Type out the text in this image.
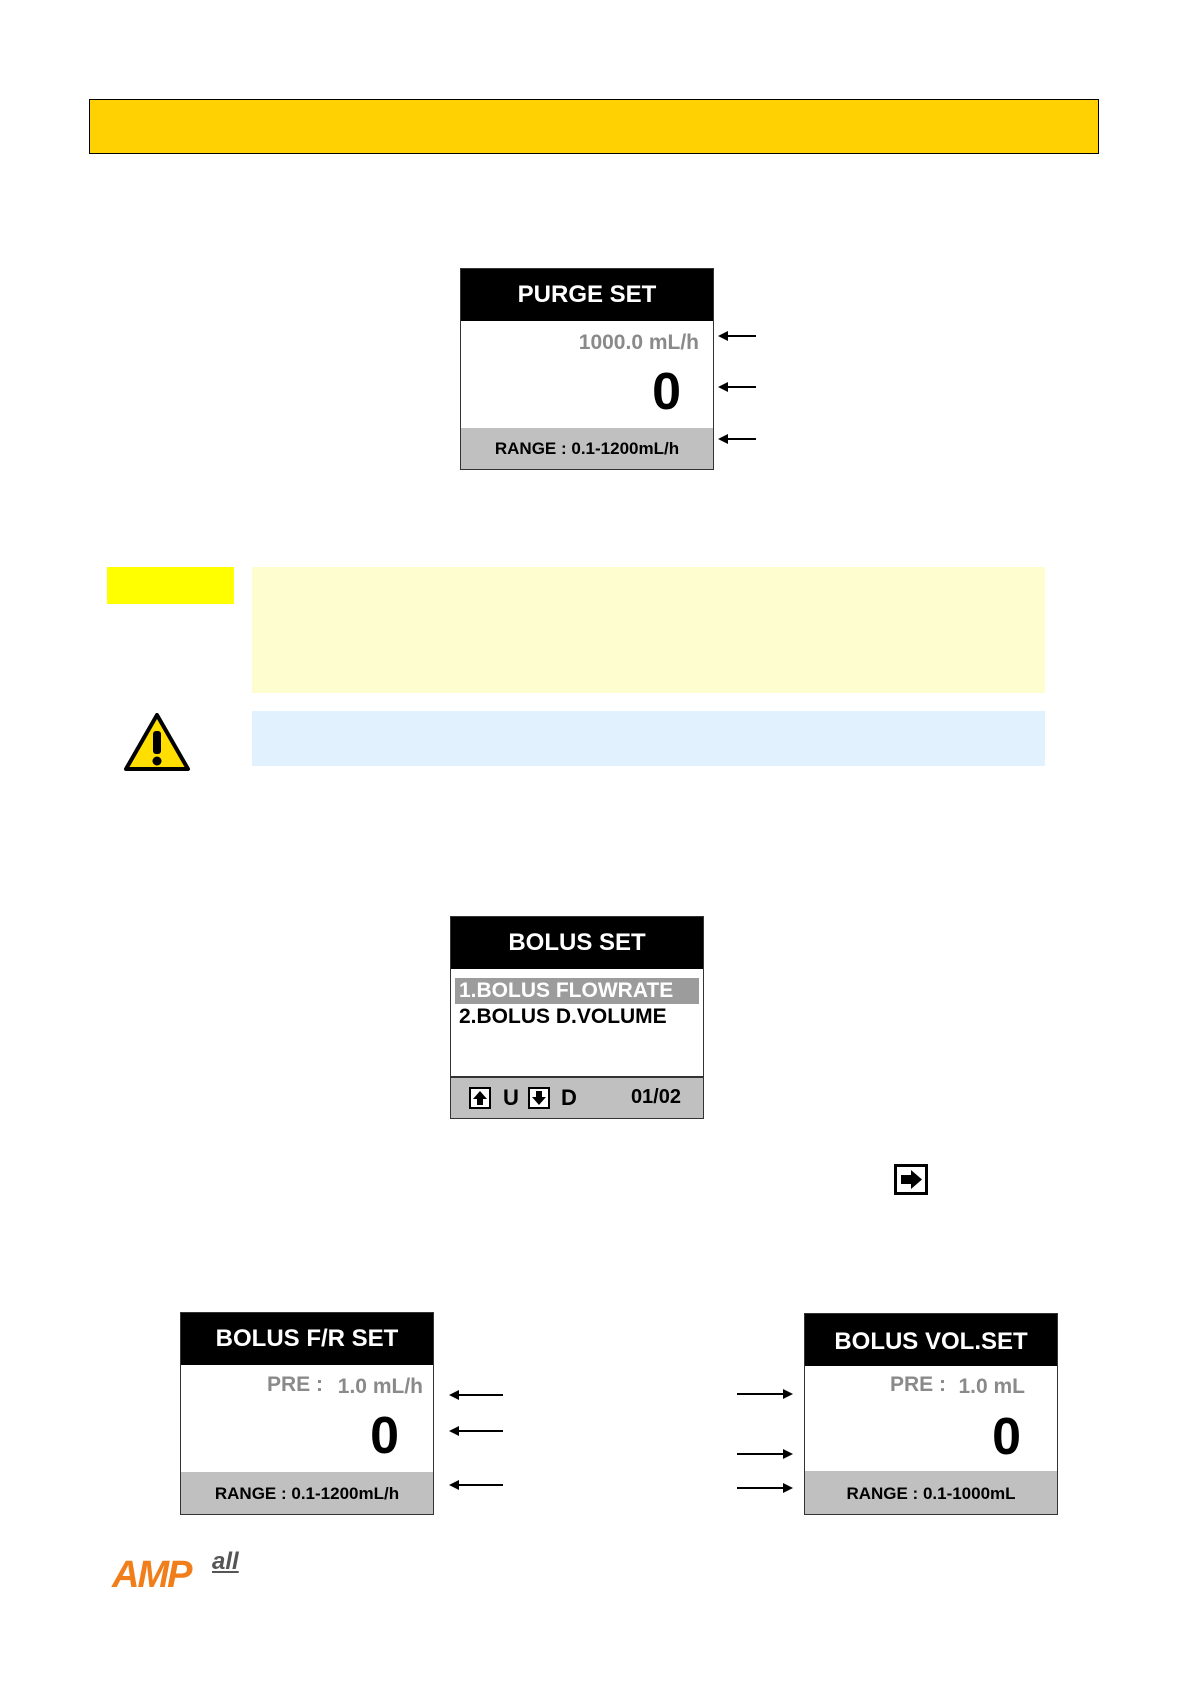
PURGE SET
1000.0 mL/h
0
RANGE : 0.1-1200mL/h
BOLUS SET
1.BOLUS FLOWRATE
2.BOLUS D.VOLUME
U D	01/02
BOLUS F/R SET
PRE : 1.0 mL/h
0
RANGE : 0.1-1200mL/h
BOLUS VOL.SET
PRE : 1.0 mL
0
RANGE : 0.1-1000mL
AMP all
